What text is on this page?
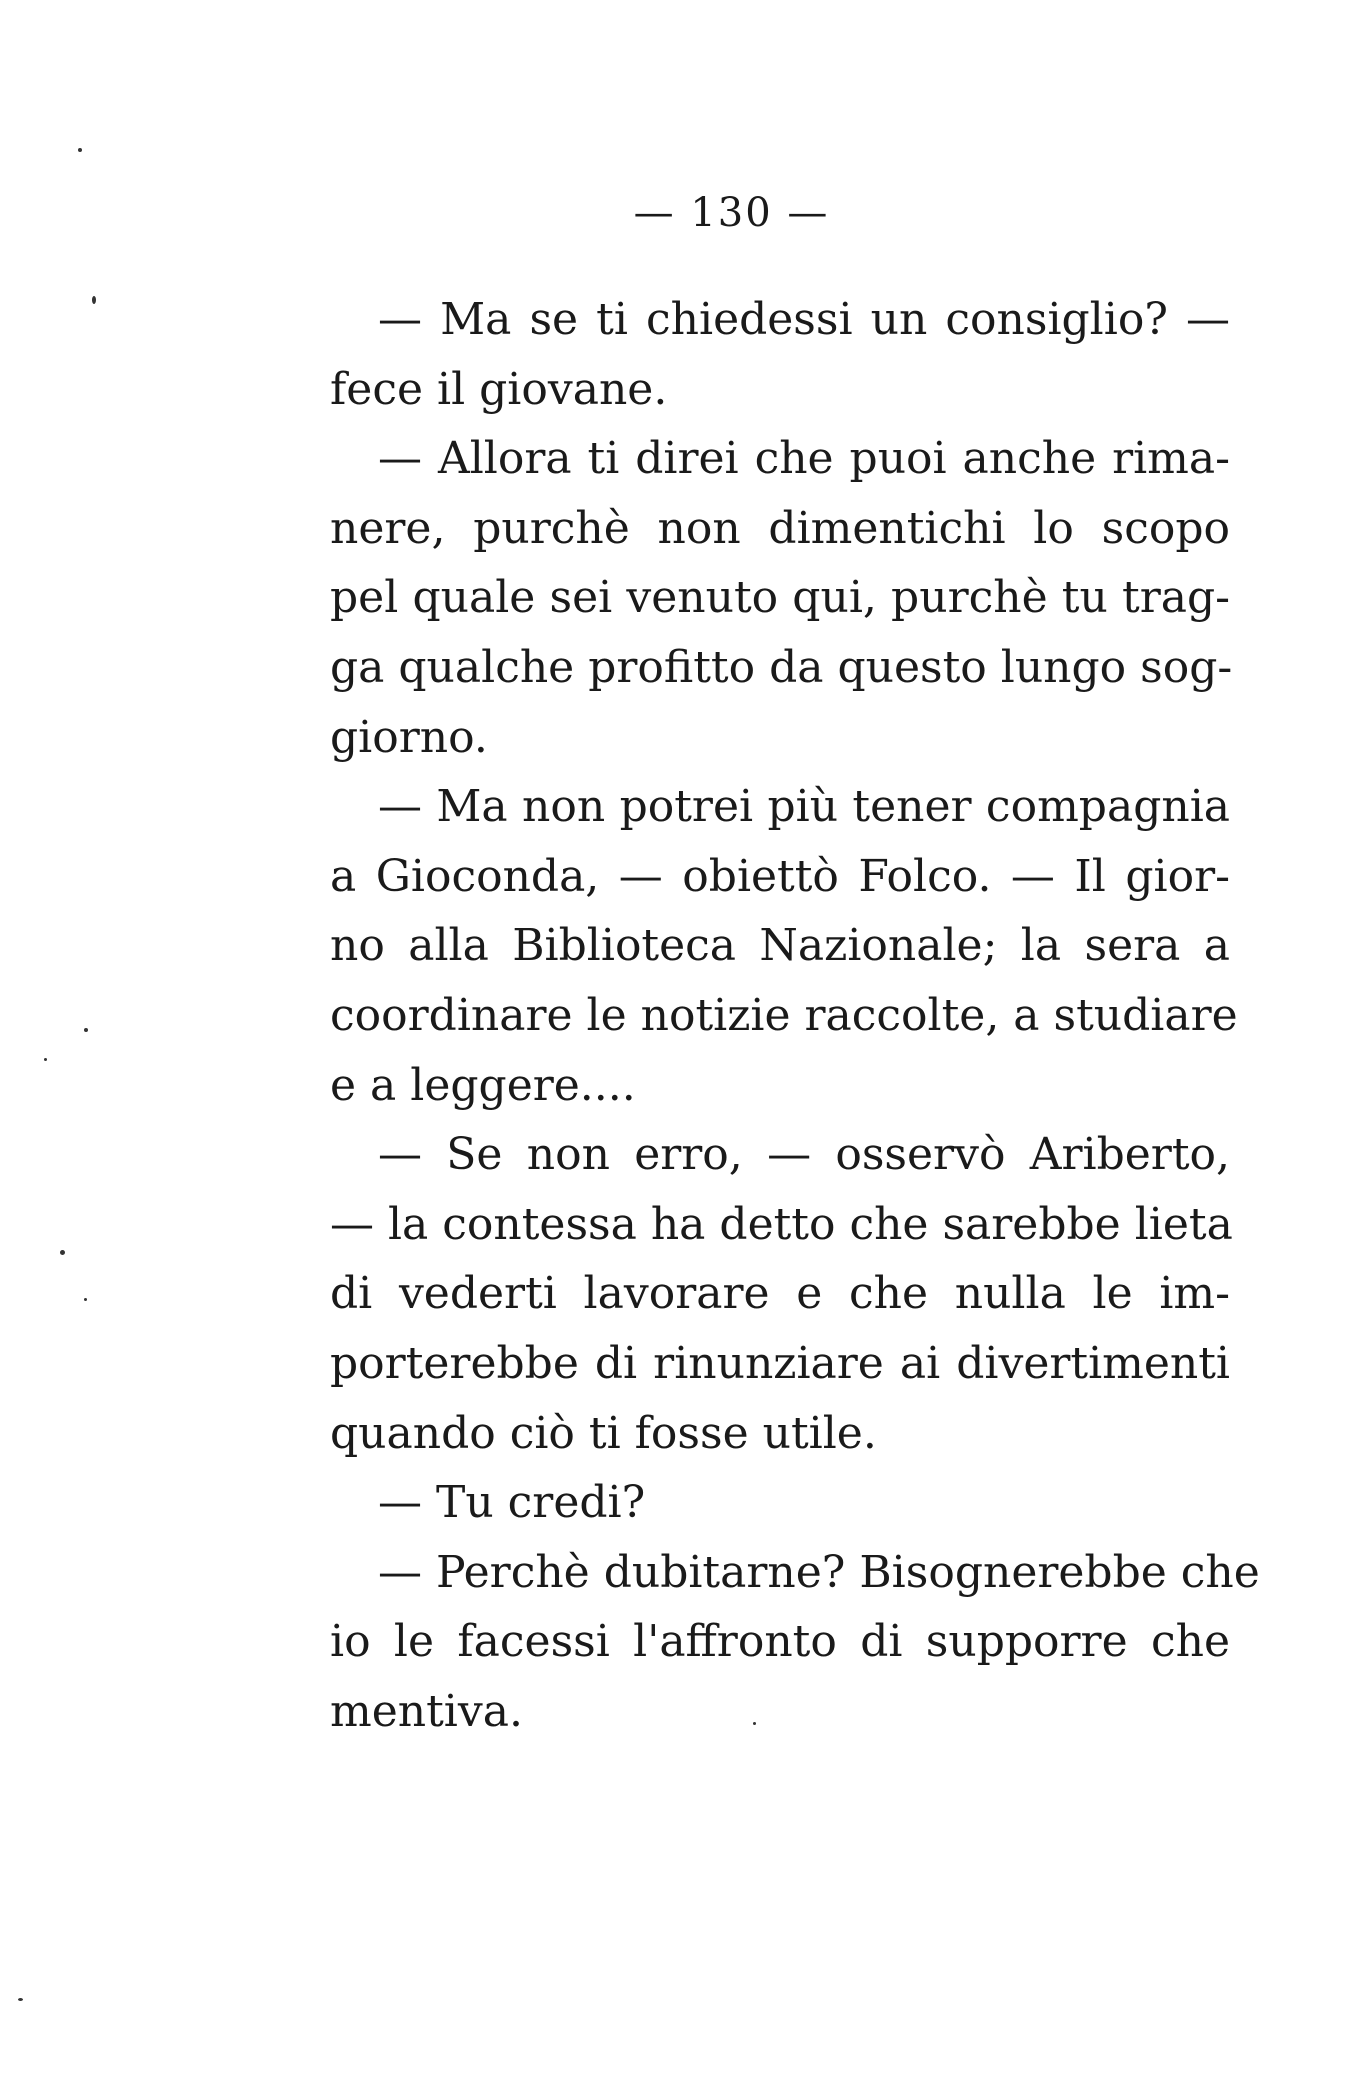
— 130 —
— Ma se ti chiedessi un consiglio? —
fece il giovane.
— Allora ti direi che puoi anche rima-
nere, purchè non dimentichi lo scopo
pel quale sei venuto qui, purchè tu trag-
ga qualche profitto da questo lungo sog-
giorno.
— Ma non potrei più tener compagnia
a Gioconda, — obiettò Folco. — Il gior-
no alla Biblioteca Nazionale; la sera a
coordinare le notizie raccolte, a studiare
e a leggere....
— Se non erro, — osservò Ariberto,
— la contessa ha detto che sarebbe lieta
di vederti lavorare e che nulla le im-
porterebbe di rinunziare ai divertimenti
quando ciò ti fosse utile.
— Tu credi?
— Perchè dubitarne? Bisognerebbe che
io le facessi l'affronto di supporre che
mentiva.
